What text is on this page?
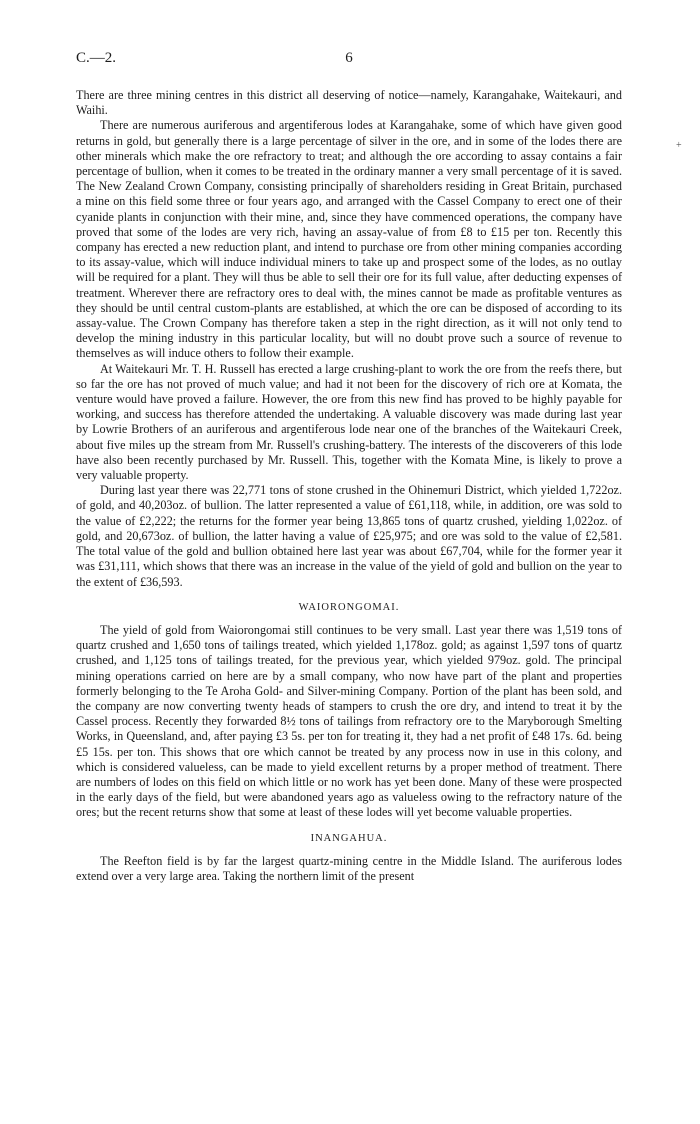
C.—2.	6
+

There are three mining centres in this district all deserving of notice—namely, Karangahake, Waitekauri, and Waihi.

There are numerous auriferous and argentiferous lodes at Karangahake, some of which have given good returns in gold, but generally there is a large percentage of silver in the ore, and in some of the lodes there are other minerals which make the ore refractory to treat; and although the ore according to assay contains a fair percentage of bullion, when it comes to be treated in the ordinary manner a very small percentage of it is saved. The New Zealand Crown Company, consisting principally of shareholders residing in Great Britain, purchased a mine on this field some three or four years ago, and arranged with the Cassel Company to erect one of their cyanide plants in conjunction with their mine, and, since they have commenced operations, the company have proved that some of the lodes are very rich, having an assay-value of from £8 to £15 per ton. Recently this company has erected a new reduction plant, and intend to purchase ore from other mining companies according to its assay-value, which will induce individual miners to take up and prospect some of the lodes, as no outlay will be required for a plant. They will thus be able to sell their ore for its full value, after deducting expenses of treatment. Wherever there are refractory ores to deal with, the mines cannot be made as profitable ventures as they should be until central custom-plants are established, at which the ore can be disposed of according to its assay-value. The Crown Company has therefore taken a step in the right direction, as it will not only tend to develop the mining industry in this particular locality, but will no doubt prove such a source of revenue to themselves as will induce others to follow their example.

At Waitekauri Mr. T. H. Russell has erected a large crushing-plant to work the ore from the reefs there, but so far the ore has not proved of much value; and had it not been for the discovery of rich ore at Komata, the venture would have proved a failure. However, the ore from this new find has proved to be highly payable for working, and success has therefore attended the undertaking. A valuable discovery was made during last year by Lowrie Brothers of an auriferous and argentiferous lode near one of the branches of the Waitekauri Creek, about five miles up the stream from Mr. Russell's crushing-battery. The interests of the discoverers of this lode have also been recently purchased by Mr. Russell. This, together with the Komata Mine, is likely to prove a very valuable property.

During last year there was 22,771 tons of stone crushed in the Ohinemuri District, which yielded 1,722oz. of gold, and 40,203oz. of bullion. The latter represented a value of £61,118, while, in addition, ore was sold to the value of £2,222; the returns for the former year being 13,865 tons of quartz crushed, yielding 1,022oz. of gold, and 20,673oz. of bullion, the latter having a value of £25,975; and ore was sold to the value of £2,581. The total value of the gold and bullion obtained here last year was about £67,704, while for the former year it was £31,111, which shows that there was an increase in the value of the yield of gold and bullion on the year to the extent of £36,593.

WAIORONGOMAI.

The yield of gold from Waiorongomai still continues to be very small. Last year there was 1,519 tons of quartz crushed and 1,650 tons of tailings treated, which yielded 1,178oz. gold; as against 1,597 tons of quartz crushed, and 1,125 tons of tailings treated, for the previous year, which yielded 979oz. gold. The principal mining operations carried on here are by a small company, who now have part of the plant and properties formerly belonging to the Te Aroha Gold- and Silver-mining Company. Portion of the plant has been sold, and the company are now converting twenty heads of stampers to crush the ore dry, and intend to treat it by the Cassel process. Recently they forwarded 8½ tons of tailings from refractory ore to the Maryborough Smelting Works, in Queensland, and, after paying £3 5s. per ton for treating it, they had a net profit of £48 17s. 6d. being £5 15s. per ton. This shows that ore which cannot be treated by any process now in use in this colony, and which is considered valueless, can be made to yield excellent returns by a proper method of treatment. There are numbers of lodes on this field on which little or no work has yet been done. Many of these were prospected in the early days of the field, but were abandoned years ago as valueless owing to the refractory nature of the ores; but the recent returns show that some at least of these lodes will yet become valuable properties.

INANGAHUA.

The Reefton field is by far the largest quartz-mining centre in the Middle Island. The auriferous lodes extend over a very large area. Taking the northern limit of the present
